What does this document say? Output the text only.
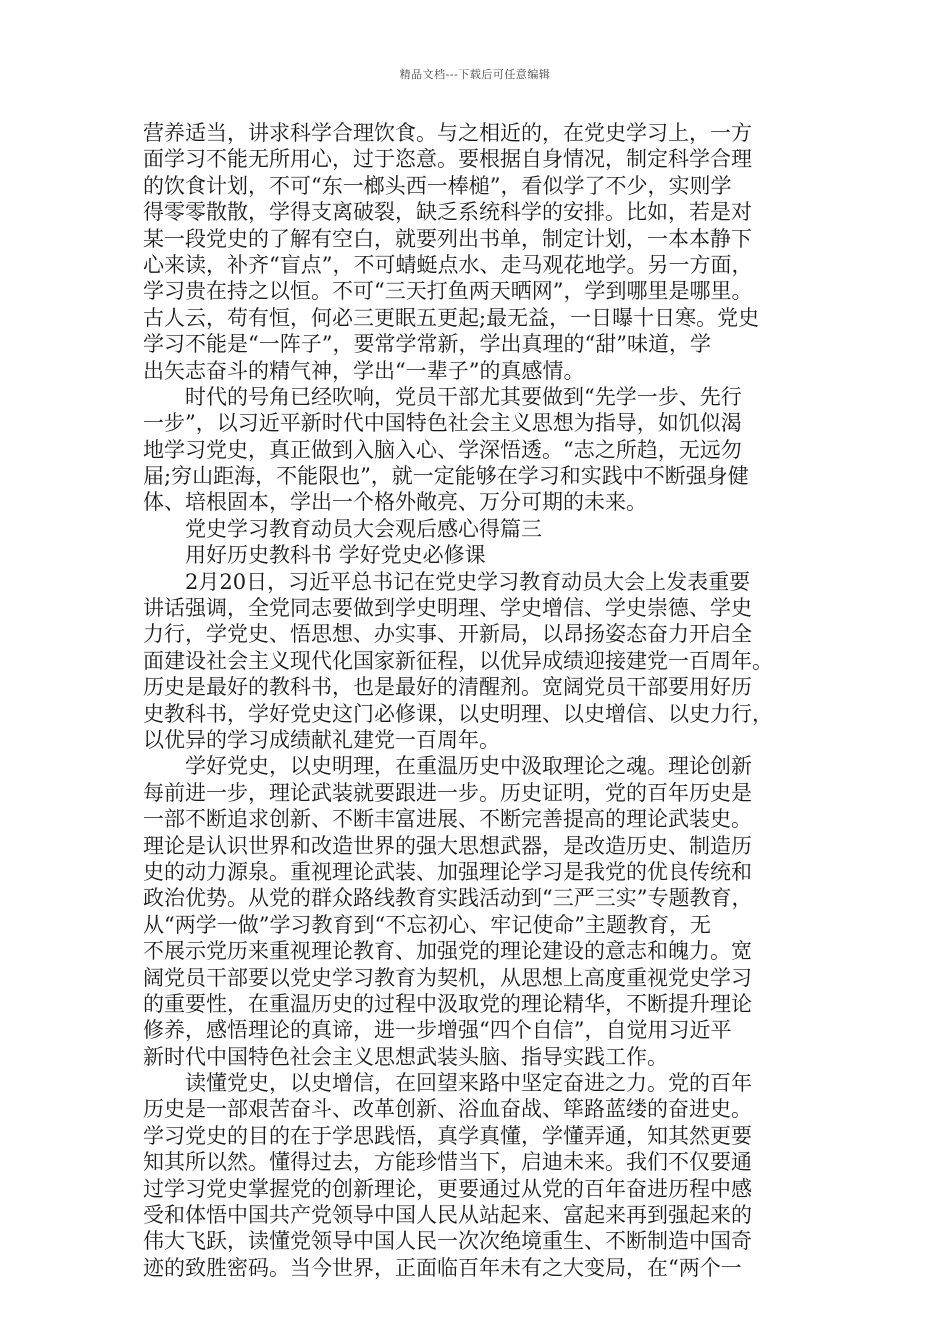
精品文档---下载后可任意编辑
营养适当，讲求科学合理饮食。与之相近的，在党史学习上，一方
面学习不能无所用心，过于恣意。要根据自身情况，制定科学合理
的饮食计划，不可“东一榔头西一棒槌”，看似学了不少，实则学
得零零散散，学得支离破裂，缺乏系统科学的安排。比如，若是对
某一段党史的了解有空白，就要列出书单，制定计划，一本本静下
心来读，补齐“盲点”，不可蜻蜓点水、走马观花地学。另一方面，
学习贵在持之以恒。不可“三天打鱼两天晒网”，学到哪里是哪里。
古人云，苟有恒，何必三更眠五更起;最无益，一日曝十日寒。党史
学习不能是“一阵子”，要常学常新，学出真理的“甜”味道，学
出矢志奋斗的精气神，学出“一辈子”的真感情。
时代的号角已经吹响，党员干部尤其要做到“先学一步、先行
一步”，以习近平新时代中国特色社会主义思想为指导，如饥似渴
地学习党史，真正做到入脑入心、学深悟透。“志之所趋，无远勿
届;穷山距海，不能限也”，就一定能够在学习和实践中不断强身健
体、培根固本，学出一个格外敞亮、万分可期的未来。
党史学习教育动员大会观后感心得篇三
用好历史教科书 学好党史必修课
2月20日，习近平总书记在党史学习教育动员大会上发表重要
讲话强调，全党同志要做到学史明理、学史增信、学史崇德、学史
力行，学党史、悟思想、办实事、开新局，以昂扬姿态奋力开启全
面建设社会主义现代化国家新征程，以优异成绩迎接建党一百周年。
历史是最好的教科书，也是最好的清醒剂。宽阔党员干部要用好历
史教科书，学好党史这门必修课，以史明理、以史增信、以史力行，
以优异的学习成绩献礼建党一百周年。
学好党史，以史明理，在重温历史中汲取理论之魂。理论创新
每前进一步，理论武装就要跟进一步。历史证明，党的百年历史是
一部不断追求创新、不断丰富进展、不断完善提高的理论武装史。
理论是认识世界和改造世界的强大思想武器，是改造历史、制造历
史的动力源泉。重视理论武装、加强理论学习是我党的优良传统和
政治优势。从党的群众路线教育实践活动到“三严三实”专题教育，
从“两学一做”学习教育到“不忘初心、牢记使命”主题教育，无
不展示党历来重视理论教育、加强党的理论建设的意志和魄力。宽
阔党员干部要以党史学习教育为契机，从思想上高度重视党史学习
的重要性，在重温历史的过程中汲取党的理论精华，不断提升理论
修养，感悟理论的真谛，进一步增强“四个自信”，自觉用习近平
新时代中国特色社会主义思想武装头脑、指导实践工作。
读懂党史，以史增信，在回望来路中坚定奋进之力。党的百年
历史是一部艰苦奋斗、改革创新、浴血奋战、筚路蓝缕的奋进史。
学习党史的目的在于学思践悟，真学真懂，学懂弄通，知其然更要
知其所以然。懂得过去，方能珍惜当下，启迪未来。我们不仅要通
过学习党史掌握党的创新理论，更要通过从党的百年奋进历程中感
受和体悟中国共产党领导中国人民从站起来、富起来再到强起来的
伟大飞跃，读懂党领导中国人民一次次绝境重生、不断制造中国奇
迹的致胜密码。当今世界，正面临百年未有之大变局，在“两个一
